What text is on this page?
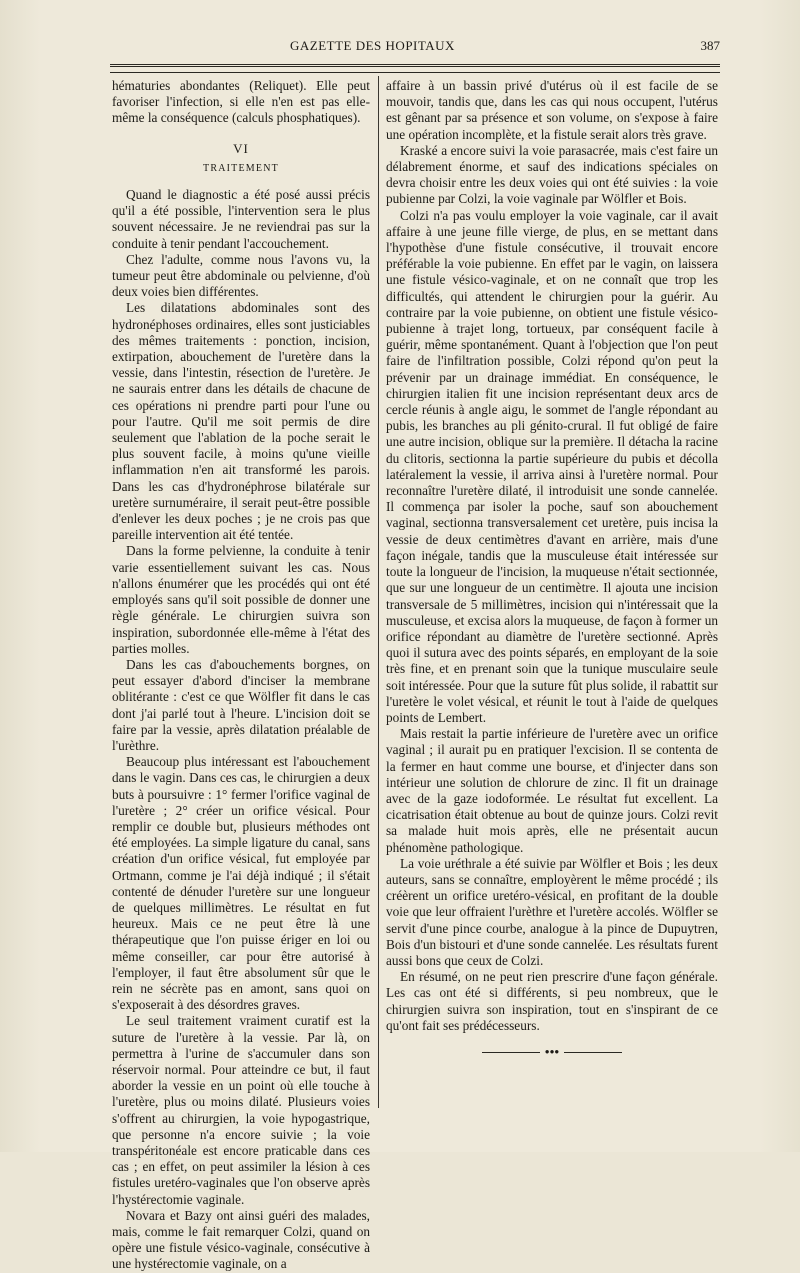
GAZETTE DES HOPITAUX	387

hématuries abondantes (Reliquet). Elle peut favoriser l'infection, si elle n'en est pas elle-même la conséquence (calculs phosphatiques).

VI
TRAITEMENT

Quand le diagnostic a été posé aussi précis qu'il a été possible, l'intervention sera le plus souvent nécessaire. Je ne reviendrai pas sur la conduite à tenir pendant l'accouchement.

Chez l'adulte, comme nous l'avons vu, la tumeur peut être abdominale ou pelvienne, d'où deux voies bien différentes.

Les dilatations abdominales sont des hydronéphoses ordinaires, elles sont justiciables des mêmes traitements : ponction, incision, extirpation, abouchement de l'uretère dans la vessie, dans l'intestin, résection de l'uretère. Je ne saurais entrer dans les détails de chacune de ces opérations ni prendre parti pour l'une ou pour l'autre. Qu'il me soit permis de dire seulement que l'ablation de la poche serait le plus souvent facile, à moins qu'une vieille inflammation n'en ait transformé les parois. Dans les cas d'hydronéphrose bilatérale sur uretère surnuméraire, il serait peut-être possible d'enlever les deux poches ; je ne crois pas que pareille intervention ait été tentée.

Dans la forme pelvienne, la conduite à tenir varie essentiellement suivant les cas. Nous n'allons énumérer que les procédés qui ont été employés sans qu'il soit possible de donner une règle générale. Le chirurgien suivra son inspiration, subordonnée elle-même à l'état des parties molles.

Dans les cas d'abouchements borgnes, on peut essayer d'abord d'inciser la membrane oblitérante : c'est ce que Wölfler fit dans le cas dont j'ai parlé tout à l'heure. L'incision doit se faire par la vessie, après dilatation préalable de l'urèthre.

Beaucoup plus intéressant est l'abouchement dans le vagin. Dans ces cas, le chirurgien a deux buts à poursuivre : 1° fermer l'orifice vaginal de l'uretère ; 2° créer un orifice vésical. Pour remplir ce double but, plusieurs méthodes ont été employées. La simple ligature du canal, sans création d'un orifice vésical, fut employée par Ortmann, comme je l'ai déjà indiqué ; il s'était contenté de dénuder l'uretère sur une longueur de quelques millimètres. Le résultat en fut heureux. Mais ce ne peut être là une thérapeutique que l'on puisse ériger en loi ou même conseiller, car pour être autorisé à l'employer, il faut être absolument sûr que le rein ne sécrète pas en amont, sans quoi on s'exposerait à des désordres graves.

Le seul traitement vraiment curatif est la suture de l'uretère à la vessie. Par là, on permettra à l'urine de s'accumuler dans son réservoir normal. Pour atteindre ce but, il faut aborder la vessie en un point où elle touche à l'uretère, plus ou moins dilaté. Plusieurs voies s'offrent au chirurgien, la voie hypogastrique, que personne n'a encore suivie ; la voie transpéritonéale est encore praticable dans ces cas ; en effet, on peut assimiler la lésion à ces fistules uretéro-vaginales que l'on observe après l'hystérectomie vaginale.

Novara et Bazy ont ainsi guéri des malades, mais, comme le fait remarquer Colzi, quand on opère une fistule vésico-vaginale, consécutive à une hystérectomie vaginale, on a

affaire à un bassin privé d'utérus où il est facile de se mouvoir, tandis que, dans les cas qui nous occupent, l'utérus est gênant par sa présence et son volume, on s'expose à faire une opération incomplète, et la fistule serait alors très grave.

Kraské a encore suivi la voie parasacrée, mais c'est faire un délabrement énorme, et sauf des indications spéciales on devra choisir entre les deux voies qui ont été suivies : la voie pubienne par Colzi, la voie vaginale par Wölfler et Bois.

Colzi n'a pas voulu employer la voie vaginale, car il avait affaire à une jeune fille vierge, de plus, en se mettant dans l'hypothèse d'une fistule consécutive, il trouvait encore préférable la voie pubienne. En effet par le vagin, on laissera une fistule vésico-vaginale, et on ne connaît que trop les difficultés, qui attendent le chirurgien pour la guérir. Au contraire par la voie pubienne, on obtient une fistule vésico-pubienne à trajet long, tortueux, par conséquent facile à guérir, même spontanément. Quant à l'objection que l'on peut faire de l'infiltration possible, Colzi répond qu'on peut la prévenir par un drainage immédiat. En conséquence, le chirurgien italien fit une incision représentant deux arcs de cercle réunis à angle aigu, le sommet de l'angle répondant au pubis, les branches au pli génito-crural. Il fut obligé de faire une autre incision, oblique sur la première. Il détacha la racine du clitoris, sectionna la partie supérieure du pubis et décolla latéralement la vessie, il arriva ainsi à l'uretère normal. Pour reconnaître l'uretère dilaté, il introduisit une sonde cannelée. Il commença par isoler la poche, sauf son abouchement vaginal, sectionna transversalement cet uretère, puis incisa la vessie de deux centimètres d'avant en arrière, mais d'une façon inégale, tandis que la musculeuse était intéressée sur toute la longueur de l'incision, la muqueuse n'était sectionnée, que sur une longueur de un centimètre. Il ajouta une incision transversale de 5 millimètres, incision qui n'intéressait que la musculeuse, et excisa alors la muqueuse, de façon à former un orifice répondant au diamètre de l'uretère sectionné. Après quoi il sutura avec des points séparés, en employant de la soie très fine, et en prenant soin que la tunique musculaire seule soit intéressée. Pour que la suture fût plus solide, il rabattit sur l'uretère le volet vésical, et réunit le tout à l'aide de quelques points de Lembert.

Mais restait la partie inférieure de l'uretère avec un orifice vaginal ; il aurait pu en pratiquer l'excision. Il se contenta de la fermer en haut comme une bourse, et d'injecter dans son intérieur une solution de chlorure de zinc. Il fit un drainage avec de la gaze iodoformée. Le résultat fut excellent. La cicatrisation était obtenue au bout de quinze jours. Colzi revit sa malade huit mois après, elle ne présentait aucun phénomène pathologique.

La voie uréthrale a été suivie par Wölfler et Bois ; les deux auteurs, sans se connaître, employèrent le même procédé ; ils créèrent un orifice uretéro-vésical, en profitant de la double voie que leur offraient l'urèthre et l'uretère accolés. Wölfler se servit d'une pince courbe, analogue à la pince de Dupuytren, Bois d'un bistouri et d'une sonde cannelée. Les résultats furent aussi bons que ceux de Colzi.

En résumé, on ne peut rien prescrire d'une façon générale. Les cas ont été si différents, si peu nombreux, que le chirurgien suivra son inspiration, tout en s'inspirant de ce qu'ont fait ses prédécesseurs.

●●●
